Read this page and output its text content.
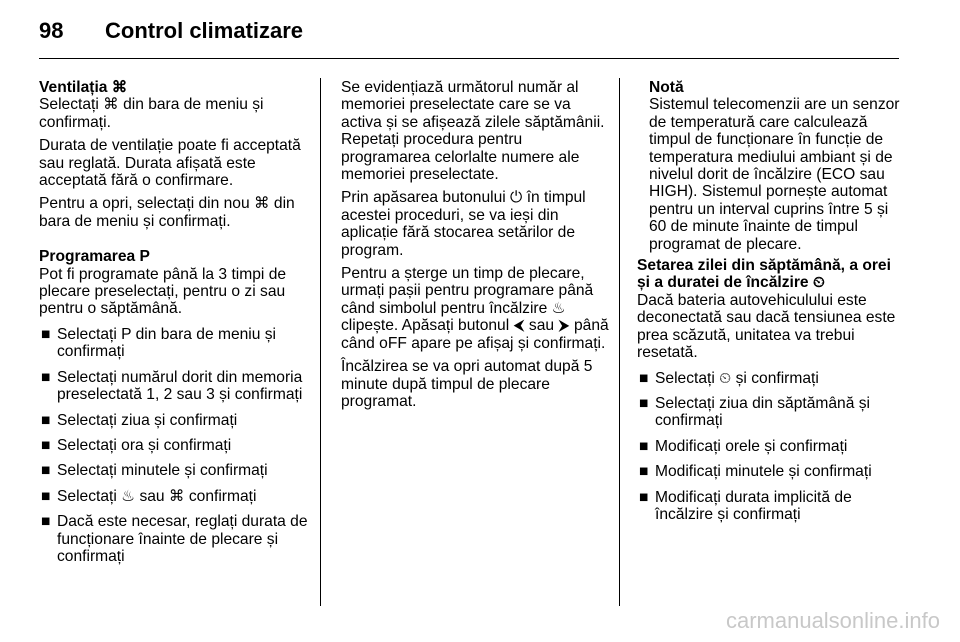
98 Control climatizare

Ventilația ⌘

Selectați ⌘ din bara de meniu și confirmați.

Durata de ventilație poate fi acceptată sau reglată. Durata afișată este acceptată fără o confirmare.

Pentru a opri, selectați din nou ⌘ din bara de meniu și confirmați.

Programarea P

Pot fi programate până la 3 timpi de plecare preselectați, pentru o zi sau pentru o săptămână.

■ Selectați P din bara de meniu și confirmați
■ Selectați numărul dorit din memoria preselectată 1, 2 sau 3 și confirmați
■ Selectați ziua și confirmați
■ Selectați ora și confirmați
■ Selectați minutele și confirmați
■ Selectați ♨ sau ⌘ confirmați
■ Dacă este necesar, reglați durata de funcționare înainte de plecare și confirmați

Se evidențiază următorul număr al memoriei preselectate care se va activa și se afișează zilele săptămânii. Repetați procedura pentru programarea celorlalte numere ale memoriei preselectate.

Prin apăsarea butonului ⏻ în timpul acestei proceduri, se va ieși din aplicație fără stocarea setărilor de program.

Pentru a șterge un timp de plecare, urmați pașii pentru programare până când simbolul pentru încălzire ♨ clipește. Apăsați butonul ⮜ sau ⮞ până când oFF apare pe afișaj și confirmați.

Încălzirea se va opri automat după 5 minute după timpul de plecare programat.

Notă

Sistemul telecomenzii are un senzor de temperatură care calculează timpul de funcționare în funcție de temperatura mediului ambiant și de nivelul dorit de încălzire (ECO sau HIGH). Sistemul pornește automat pentru un interval cuprins între 5 și 60 de minute înainte de timpul programat de plecare.

Setarea zilei din săptămână, a orei și a duratei de încălzire ⏲

Dacă bateria autovehiculului este deconectată sau dacă tensiunea este prea scăzută, unitatea va trebui resetată.

■ Selectați ⏲ și confirmați
■ Selectați ziua din săptămână și confirmați
■ Modificați orele și confirmați
■ Modificați minutele și confirmați
■ Modificați durata implicită de încălzire și confirmați
carmanualsonline.info
